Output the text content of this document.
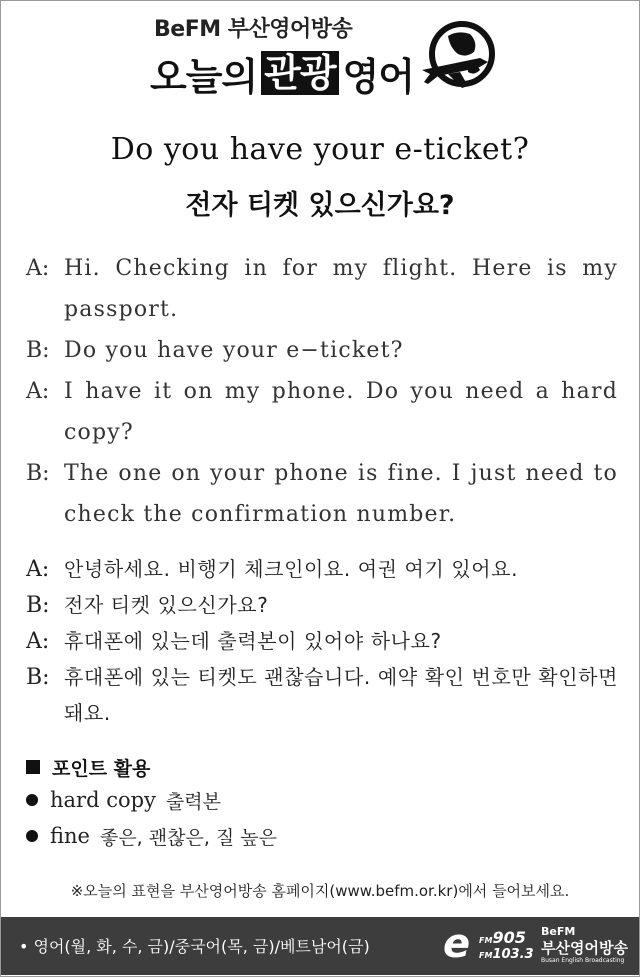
BeFM 부산영어방송
오늘의 관광 영어
Do you have your e-ticket?
전자 티켓 있으신가요?
A: Hi. Checking in for my flight. Here is my passport.
B: Do you have your e−ticket?
A: I have it on my phone. Do you need a hard copy?
B: The one on your phone is fine. I just need to check the confirmation number.
A: 안녕하세요. 비행기 체크인이요. 여권 여기 있어요.
B: 전자 티켓 있으신가요?
A: 휴대폰에 있는데 출력본이 있어야 하나요?
B: 휴대폰에 있는 티켓도 괜찮습니다. 예약 확인 번호만 확인하면 돼요.
포인트 활용
hard copy 출력본
fine 좋은, 괜찮은, 질 높은
※오늘의 표현을 부산영어방송 홈페이지(www.befm.or.kr)에서 들어보세요.
• 영어(월, 화, 수, 금)/중국어(목, 금)/베트남어(금) e FM905
FM103.3
BeFM
부산영어방송
Busan English Broadcasting
